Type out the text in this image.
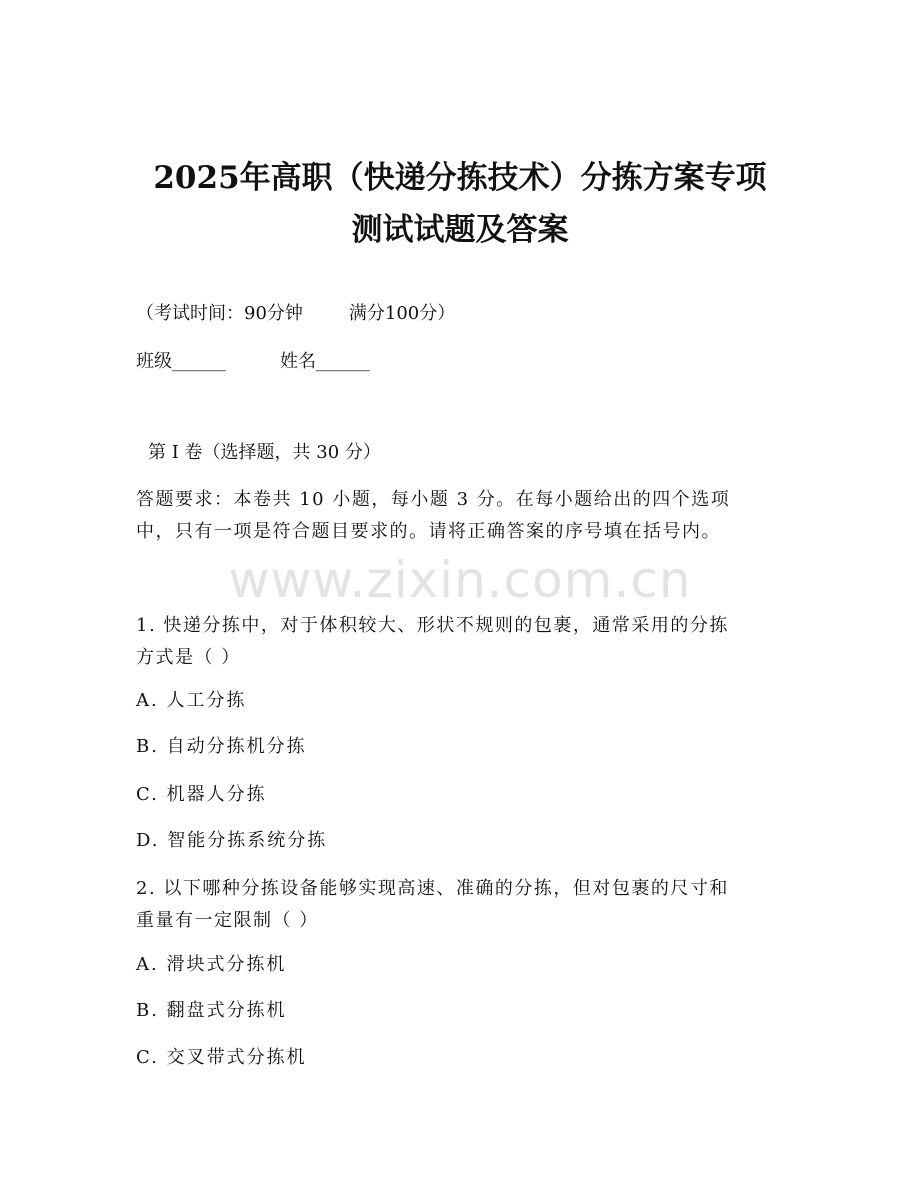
www.zixin.com.cn
2025年高职（快递分拣技术）分拣方案专项
测试试题及答案

（考试时间：90分钟	满分100分）

班级______	姓名______

第 I 卷（选择题，共 30 分）

答题要求：本卷共 10 小题，每小题 3 分。在每小题给出的四个选项
中，只有一项是符合题目要求的。请将正确答案的序号填在括号内。

1. 快递分拣中，对于体积较大、形状不规则的包裹，通常采用的分拣
方式是（ ）

A. 人工分拣

B. 自动分拣机分拣

C. 机器人分拣

D. 智能分拣系统分拣

2. 以下哪种分拣设备能够实现高速、准确的分拣，但对包裹的尺寸和
重量有一定限制（ ）

A. 滑块式分拣机

B. 翻盘式分拣机

C. 交叉带式分拣机
